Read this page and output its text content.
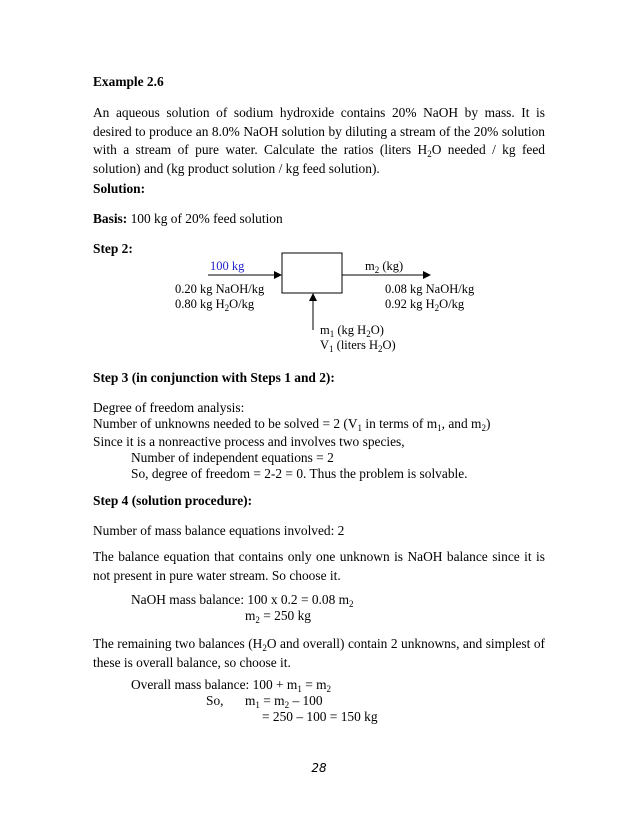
Example 2.6
An aqueous solution of sodium hydroxide contains 20% NaOH by mass. It is desired to produce an 8.0% NaOH solution by diluting a stream of the 20% solution with a stream of pure water. Calculate the ratios (liters $H_2O$ needed / kg feed solution) and (kg product solution / kg feed solution).
Solution:
Basis: 100 kg of 20% feed solution
Step 2:
100 kg
0.20 kg NaOH/kg
0.80 kg $H_2O/kg$
$m_2$ (kg)
0.08 kg NaOH/kg
0.92 kg $H_2O/kg$
$m_1$ (kg $H_2O$)
$V_1$ (liters $H_2O$)
Step 3 (in conjunction with Steps 1 and 2):
Degree of freedom analysis:
Number of unknowns needed to be solved = 2 ($V_1$ in terms of $m_1$, and $m_2$)
Since it is a nonreactive process and involves two species,
Number of independent equations = 2
So, degree of freedom = 2-2 = 0. Thus the problem is solvable.
Step 4 (solution procedure):
Number of mass balance equations involved: 2
The balance equation that contains only one unknown is NaOH balance since it is not present in pure water stream. So choose it.
NaOH mass balance: 100 x 0.2 = 0.08 $m_2$
$m_2 = 250$ kg
The remaining two balances ($H_2O$ and overall) contain 2 unknowns, and simplest of these is overall balance, so choose it.
Overall mass balance: $100 + m_1 = m_2$
So, $m_1 = m_2 - 100$
= 250 – 100 = 150 kg
28
